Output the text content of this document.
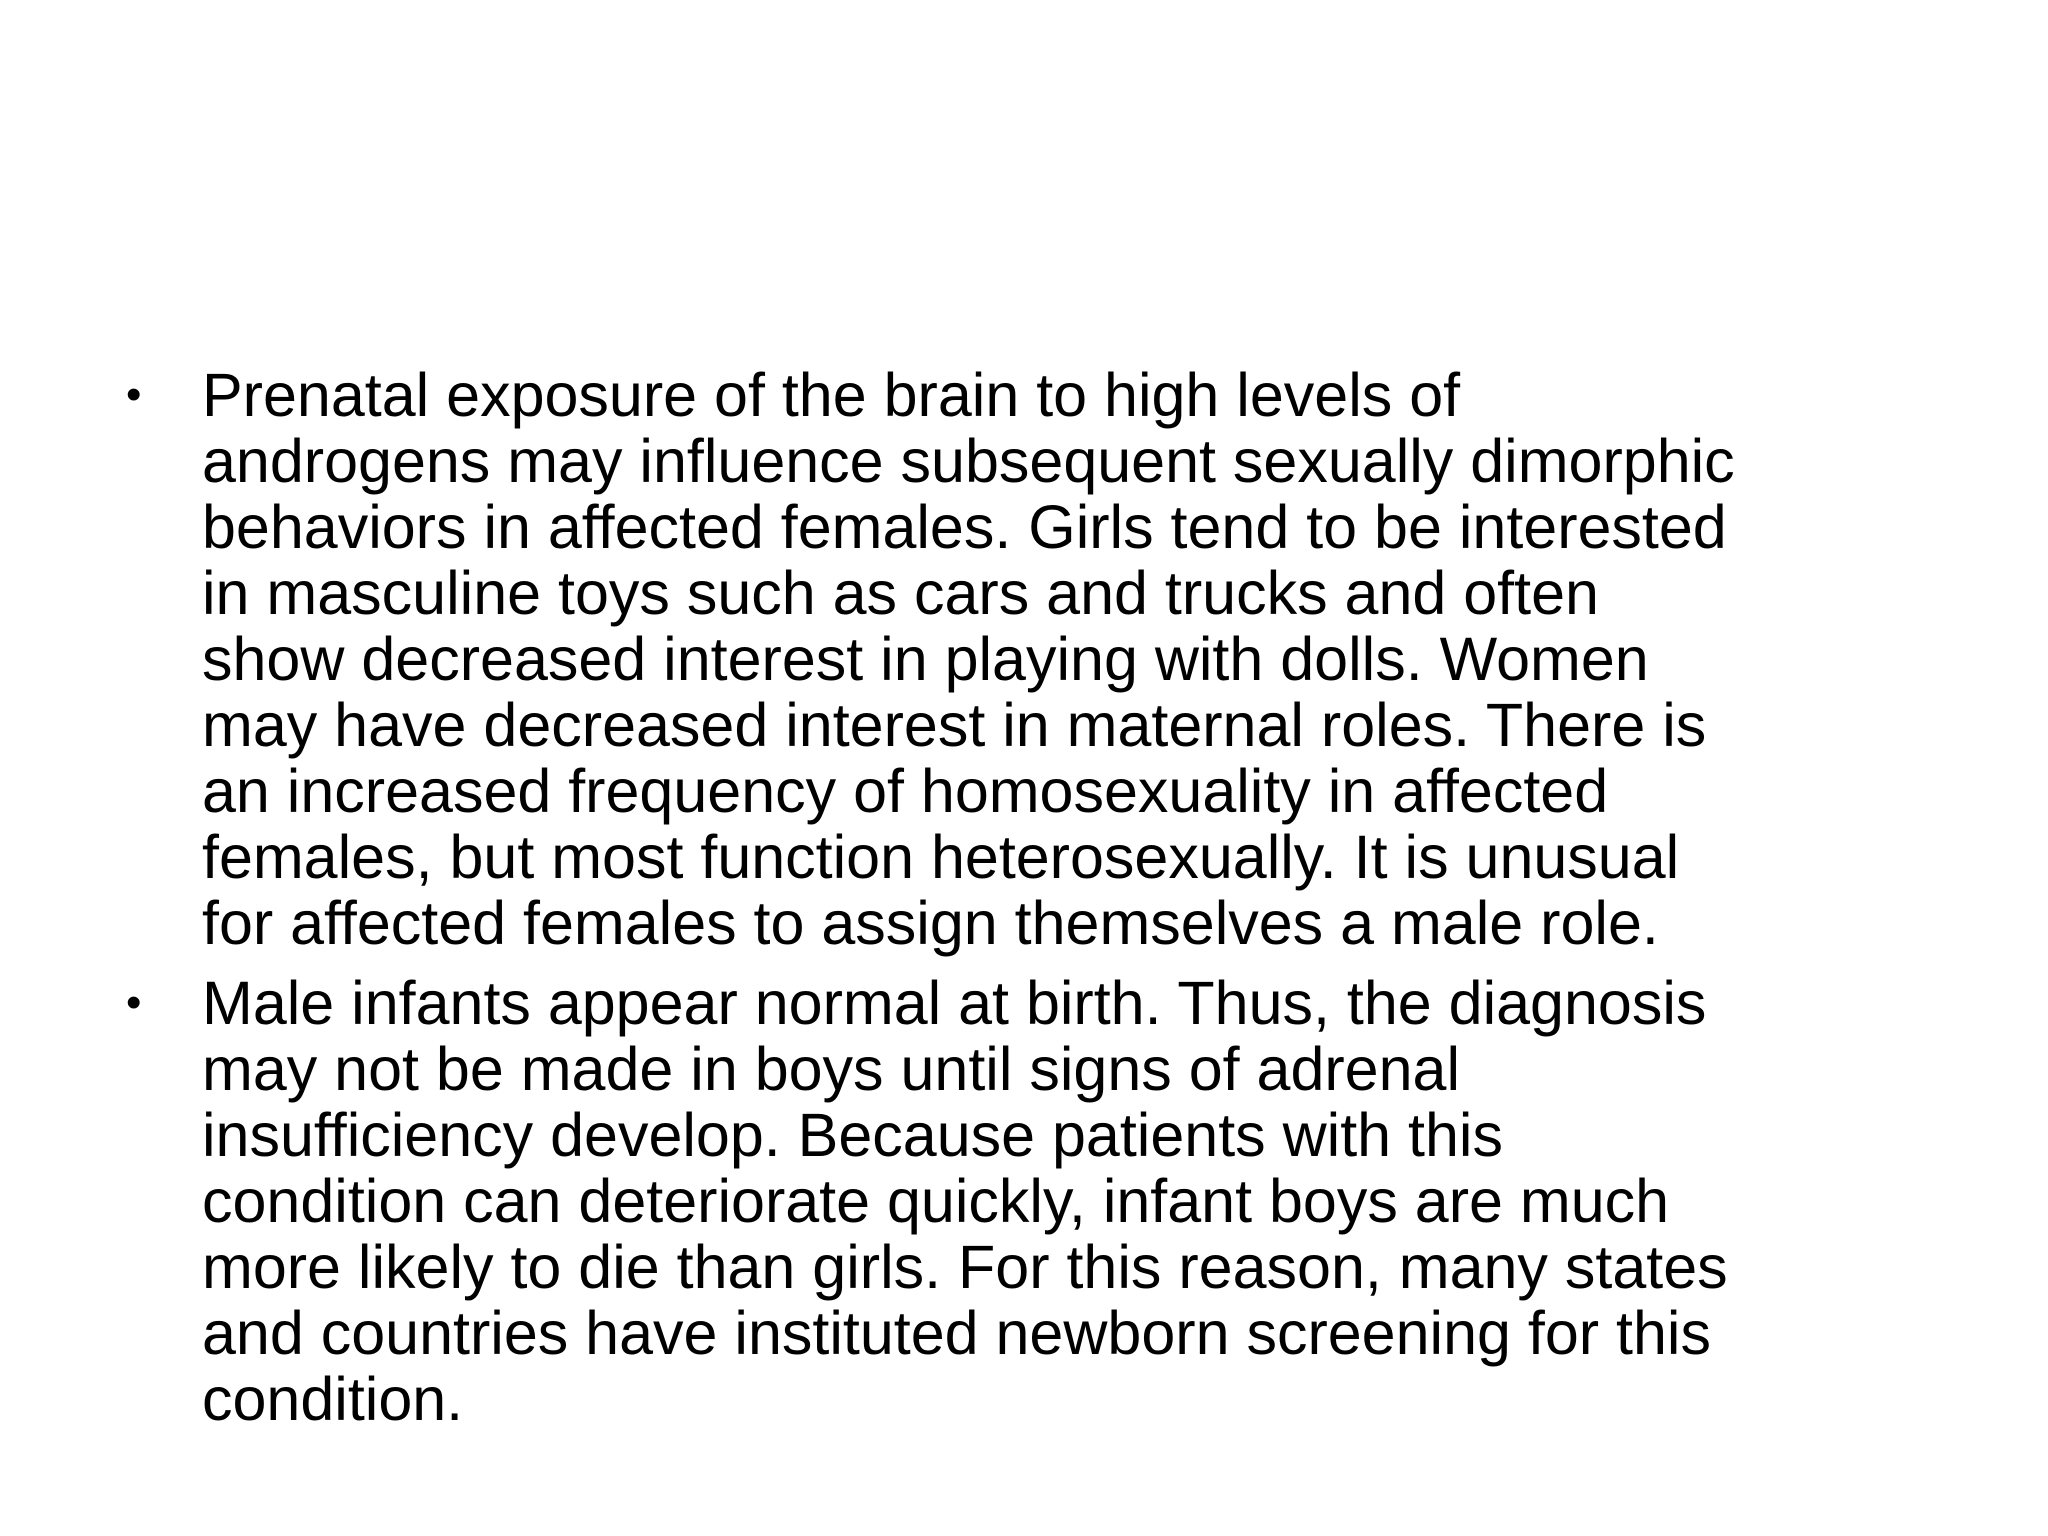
• Prenatal exposure of the brain to high levels of
androgens may influence subsequent sexually dimorphic
behaviors in affected females. Girls tend to be interested
in masculine toys such as cars and trucks and often
show decreased interest in playing with dolls. Women
may have decreased interest in maternal roles. There is
an increased frequency of homosexuality in affected
females, but most function heterosexually. It is unusual
for affected females to assign themselves a male role.
• Male infants appear normal at birth. Thus, the diagnosis
may not be made in boys until signs of adrenal
insufficiency develop. Because patients with this
condition can deteriorate quickly, infant boys are much
more likely to die than girls. For this reason, many states
and countries have instituted newborn screening for this
condition.
